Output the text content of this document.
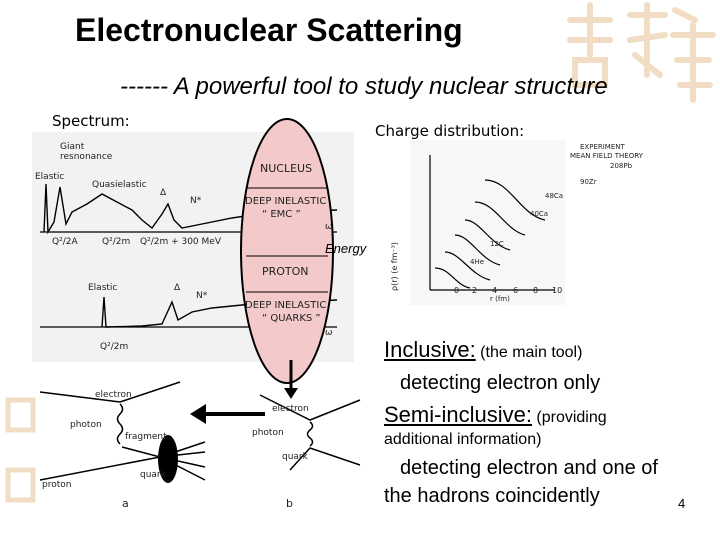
Electronuclear Scattering
------ A powerful tool to study nuclear structure
NUCLEUS
DEEP INELASTIC
“ EMC ”
PROTON
DEEP INELASTIC
“ QUARKS ”
Giant resnonance
Elastic
Quasielastic
Δ
N*
Q²/2A	Q²/2m Q²/2m + 300 MeV
ω
Elastic	Δ
N*
Q²/2m
ω
Spectrum:
Charge distribution:
Energy
EXPERIMENT
MEAN FIELD THEORY
208Pb
90Zr
48Ca
40Ca
12C
4He
ρ(r) (e fm⁻³)
r (fm)
0 2 4 6 8 10
electron
photon
fragment
quark
proton
a
electron
photon
quark
b
Inclusive: (the main tool)
detecting electron only
Semi-inclusive: (providing
additional information)
detecting electron and one of
the hadrons coincidently	4
